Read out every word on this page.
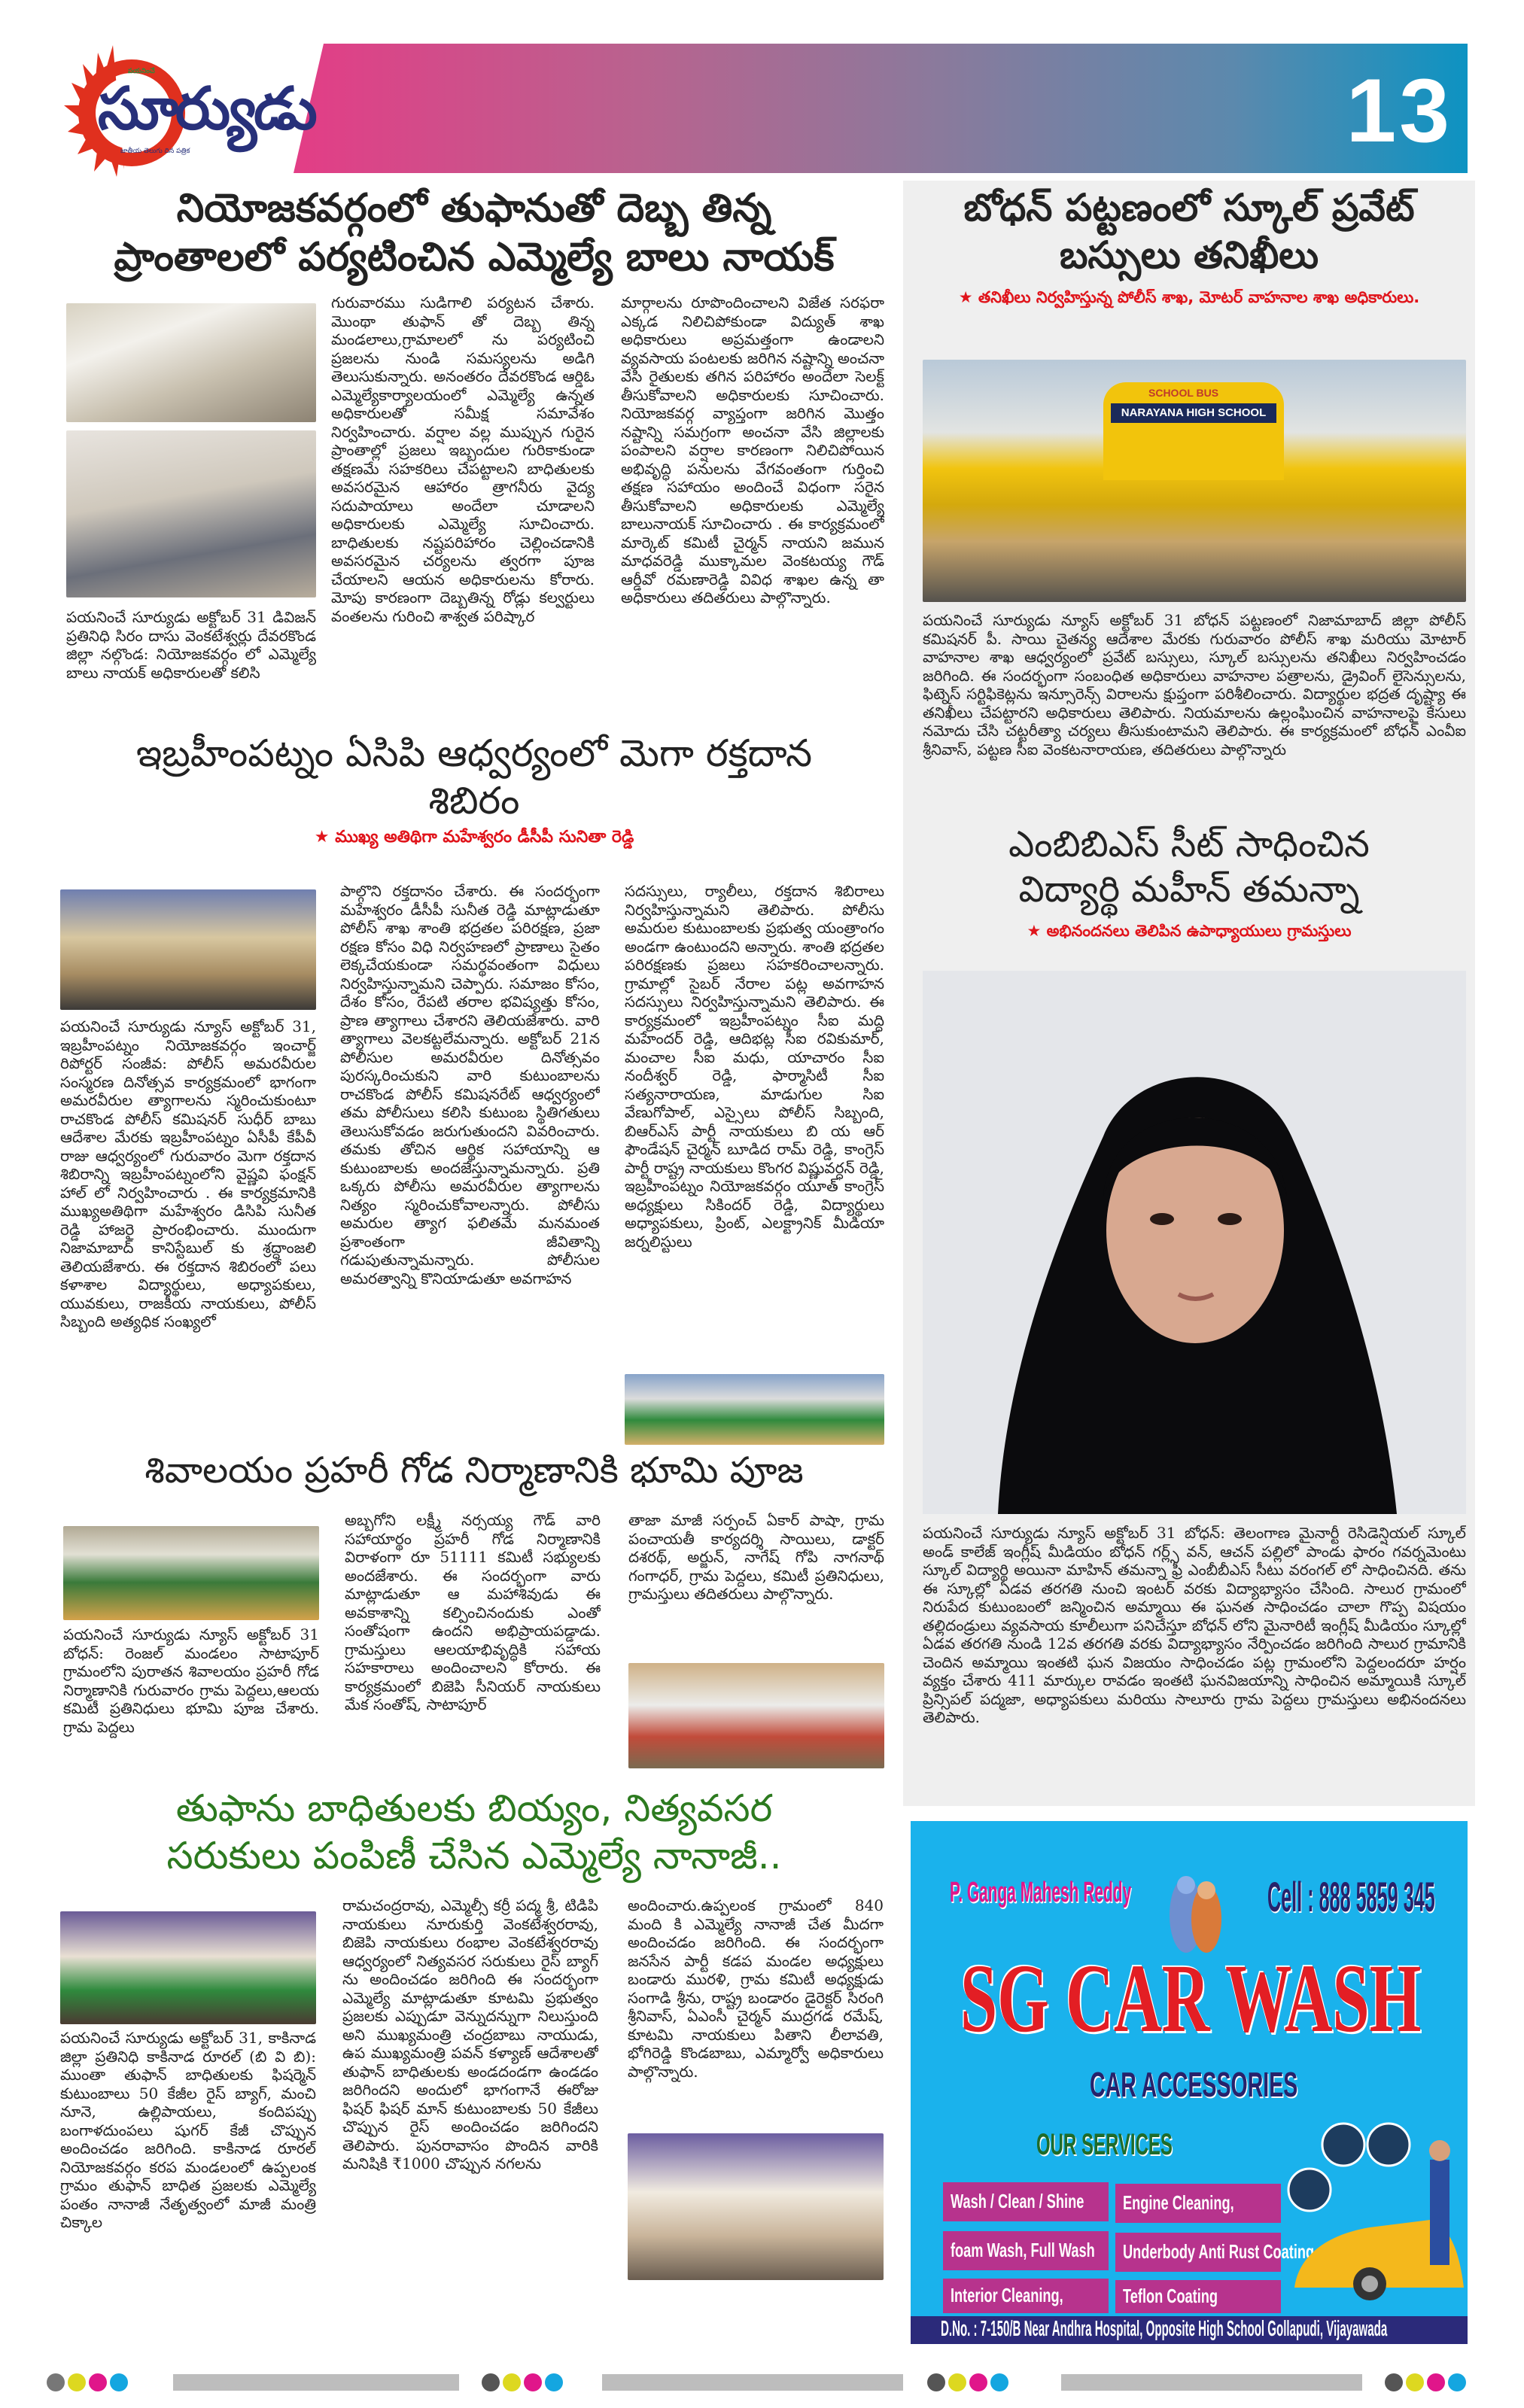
13
పయనించే
సూర్యుడు
జాతీయ తెలుగు దిన పత్రిక
నియోజకవర్గంలో తుఫానుతో దెబ్బ తిన్న
ప్రాంతాలలో పర్యటించిన ఎమ్మెల్యే బాలు నాయక్
పయనించే సూర్యుడు అక్టోబర్ 31 డివిజన్ ప్రతినిధి సిరం దాసు వెంకటేశ్వర్లు దేవరకొండ జిల్లా నల్గొండ: నియోజకవర్గం లో ఎమ్మెల్యే బాలు నాయక్ అధికారులతో కలిసి
గురువారము సుడిగాలి పర్యటన చేశారు. మొంథా తుఫాన్ తో దెబ్బ తిన్న మండలాలు,గ్రామాలలో ను పర్యటించి ప్రజలను నుండి సమస్యలను అడిగి తెలుసుకున్నారు. అనంతరం దేవరకొండ ఆర్డిఓ ఎమ్మెల్యేకార్యాలయంలో ఎమ్మెల్యే ఉన్నత అధికారులతో సమీక్ష సమావేశం నిర్వహించారు. వర్షాల వల్ల ముప్పున గురైన ప్రాంతాల్లో ప్రజలు ఇబ్బందుల గురికాకుండా తక్షణమే సహకరిలు చేపట్టాలని బాధితులకు అవసరమైన ఆహారం త్రాగనీరు వైద్య సదుపాయాలు అందేలా చూడాలని అధికారులకు ఎమ్మెల్యే సూచించారు. బాధితులకు నష్టపరిహారం చెల్లించడానికి అవసరమైన చర్యలను త్వరగా పూజ చేయాలని ఆయన అధికారులను కోరారు. మోపు కారణంగా దెబ్బతిన్న రోడ్లు కల్వర్టులు వంతలను గురించి శాశ్వత పరిష్కార
మార్గాలను రూపొందించాలని విజేత సరఫరా ఎక్కడ నిలిచిపోకుండా విద్యుత్ శాఖ అధికారులు అప్రమత్తంగా ఉండాలని వ్యవసాయ పంటలకు జరిగిన నష్టాన్ని అంచనా వేసి రైతులకు తగిన పరిహారం అందేలా సెలక్ట్ తీసుకోవాలని అధికారులకు సూచించారు. నియోజకవర్గ వ్యాప్తంగా జరిగిన మొత్తం నష్టాన్ని సమగ్రంగా అంచనా వేసి జిల్లాలకు పంపాలని వర్షాల కారణంగా నిలిచిపోయిన అభివృద్ధి పనులను వేగవంతంగా గుర్తించి తక్షణ సహాయం అందించే విధంగా సరైన తీసుకోవాలని అధికారులకు ఎమ్మెల్యే బాలునాయక్ సూచించారు . ఈ కార్యక్రమంలో మార్కెట్ కమిటీ చైర్మన్ నాయని జమున మాధవరెడ్డి ముక్కామల వెంకటయ్య గౌడ్ ఆర్డీవో రమణారెడ్డి వివిధ శాఖల ఉన్న తా అధికారులు తదితరులు పాల్గొన్నారు.
ఇబ్రహీంపట్నం ఏసిపి ఆధ్వర్యంలో మెగా రక్తదాన
శిబిరం
★ ముఖ్య అతిథిగా మహేశ్వరం డీసీపీ సునితా రెడ్డి
పయనించే సూర్యుడు న్యూస్ అక్టోబర్ 31, ఇబ్రహీంపట్నం నియోజకవర్గం ఇంచార్జ్ రిపోర్టర్ సంజీవ: పోలీస్ అమరవీరుల సంస్మరణ దినోత్సవ కార్యక్రమంలో భాగంగా అమరవీరుల త్యాగాలను స్మరించుకుంటూ రాచకొండ పోలీస్ కమిషనర్ సుధీర్ బాబు ఆదేశాల మేరకు ఇబ్రహీంపట్నం ఏసీపీ కేపీవీ రాజు ఆధ్వర్యంలో గురువారం మెగా రక్తదాన శిబిరాన్ని ఇబ్రహీంపట్నంలోని వైష్ణవి ఫంక్షన్ హాల్ లో నిర్వహించారు . ఈ కార్యక్రమానికి ముఖ్యఅతిథిగా మహేశ్వరం డిసిపి సునీత రెడ్డి హాజరై ప్రారంభించారు. ముందుగా నిజామాబాద్ కానిస్టేబుల్ కు శ్రద్ధాంజలి తెలియజేశారు. ఈ రక్తదాన శిబిరంలో పలు కళాశాల విద్యార్థులు, అధ్యాపకులు, యువకులు, రాజకీయ నాయకులు, పోలీస్ సిబ్బంది అత్యధిక సంఖ్యలో
పాల్గొని రక్తదానం చేశారు. ఈ సందర్భంగా మహేశ్వరం డీసీపీ సునీత రెడ్డి మాట్లాడుతూ పోలీస్ శాఖ శాంతి భద్రతల పరిరక్షణ, ప్రజా రక్షణ కోసం విధి నిర్వహణలో ప్రాణాలు సైతం లెక్కచేయకుండా సమర్థవంతంగా విధులు నిర్వహిస్తున్నామని చెప్పారు. సమాజం కోసం, దేశం కోసం, రేపటి తరాల భవిష్యత్తు కోసం, ప్రాణ త్యాగాలు చేశారని తెలియజేశారు. వారి త్యాగాలు వెలకట్టలేమన్నారు. అక్టోబర్ 21న పోలీసుల అమరవీరుల దినోత్సవం పురస్కరించుకుని వారి కుటుంబాలను రాచకొండ పోలీస్ కమిషనరేట్ ఆధ్వర్యంలో తమ పోలీసులు కలిసి కుటుంబ స్థితిగతులు తెలుసుకోవడం జరుగుతుందని వివరించారు. తమకు తోచిన ఆర్థిక సహాయాన్ని ఆ కుటుంబాలకు అందజేస్తున్నామన్నారు. ప్రతి ఒక్కరు పోలీసు అమరవీరుల త్యాగాలను నిత్యం స్మరించుకోవాలన్నారు. పోలీసు అమరుల త్యాగ ఫలితమే మనమంత ప్రశాంతంగా జీవితాన్ని గడుపుతున్నామన్నారు. పోలీసుల అమరత్వాన్ని కొనియాడుతూ అవగాహన
సదస్సులు, ర్యాలీలు, రక్తదాన శిబిరాలు నిర్వహిస్తున్నామని తెలిపారు. పోలీసు అమరుల కుటుంబాలకు ప్రభుత్వ యంత్రాంగం అండగా ఉంటుందని అన్నారు. శాంతి భద్రతల పరిరక్షణకు ప్రజలు సహకరించాలన్నారు. గ్రామాల్లో సైబర్ నేరాల పట్ల అవగాహన సదస్సులు నిర్వహిస్తున్నామని తెలిపారు. ఈ కార్యక్రమంలో ఇబ్రహీంపట్నం సీఐ మద్ది మహేందర్ రెడ్డి, ఆదిభట్ల సీఐ రవికుమార్, మంచాల సీఐ మధు, యాచారం సీఐ నందీశ్వర్ రెడ్డి, ఫార్మాసిటీ సీఐ సత్యనారాయణ, మాడుగుల సిఐ వేణుగోపాల్, ఎస్సైలు పోలీస్ సిబ్బంది, బిఆర్ఎస్ పార్టీ నాయకులు బి య ఆర్ ఫౌండేషన్ చైర్మన్ బూడిద రామ్ రెడ్డి, కాంగ్రెస్ పార్టీ రాష్ట్ర నాయకులు కొంగర విష్ణువర్ధన్ రెడ్డి, ఇబ్రహీంపట్నం నియోజకవర్గం యూత్ కాంగ్రెస్ అధ్యక్షులు సికిందర్ రెడ్డి, విద్యార్థులు అధ్యాపకులు, ప్రింట్, ఎలక్ట్రానిక్ మీడియా జర్నలిస్టులు
శివాలయం ప్రహరీ గోడ నిర్మాణానికి భూమి పూజ
పయనించే సూర్యుడు న్యూస్ అక్టోబర్ 31 బోధన్: రెంజల్ మండలం సాటాపూర్ గ్రామంలోని పురాతన శివాలయం ప్రహరీ గోడ నిర్మాణానికి గురువారం గ్రామ పెద్దలు,ఆలయ కమిటీ ప్రతినిధులు భూమి పూజ చేశారు. గ్రామ పెద్దలు
అబ్బగోని లక్ష్మీ నర్సయ్య గౌడ్ వారి సహాయార్థం ప్రహరీ గోడ నిర్మాణానికి విరాళంగా రూ 51111 కమిటీ సభ్యులకు అందజేశారు. ఈ సందర్భంగా వారు మాట్లాడుతూ ఆ మహాశివుడు ఈ అవకాశాన్ని కల్పించినందుకు ఎంతో సంతోషంగా ఉందని అభిప్రాయపడ్డాడు. గ్రామస్తులు ఆలయాభివృద్ధికి సహాయ సహకారాలు అందించాలని కోరారు. ఈ కార్యక్రమంలో బిజెపి సీనియర్ నాయకులు మేక సంతోష్, సాటాపూర్
తాజా మాజీ సర్పంచ్ ఏకార్ పాషా, గ్రామ పంచాయతీ కార్యదర్శి సాయిలు, డాక్టర్ దశరథ్, అర్జున్, నాగేష్ గోపి నాగనాథ్ గంగాధర్, గ్రామ పెద్దలు, కమిటీ ప్రతినిధులు, గ్రామస్తులు తదితరులు పాల్గొన్నారు.
తుఫాను బాధితులకు బియ్యం, నిత్యవసర
సరుకులు పంపిణీ చేసిన ఎమ్మెల్యే నానాజీ..
పయనించే సూర్యుడు అక్టోబర్ 31, కాకినాడ జిల్లా ప్రతినిధి కాకినాడ రూరల్ (బి వి బి): ముంతా తుఫాన్ బాధితులకు ఫిషర్మెన్ కుటుంబాలు 50 కేజీల రైస్ బ్యాగ్, మంచి నూనె, ఉల్లిపాయలు, కందిపప్పు బంగాళదుంపలు షుగర్ కేజీ చొప్పున అందించడం జరిగింది. కాకినాడ రూరల్ నియోజకవర్గం కరప మండలంలో ఉప్పలంక గ్రామం తుఫాన్ బాధిత ప్రజలకు ఎమ్మెల్యే పంతం నానాజీ నేతృత్వంలో మాజీ మంత్రి చిక్కాల
రామచంద్రరావు, ఎమ్మెల్సీ కర్రీ పద్మ శ్రీ, టిడిపి నాయకులు నూరుకుర్తి వెంకటేశ్వరరావు, బిజెపి నాయకులు రంభాల వెంకటేశ్వరరావు ఆధ్వర్యంలో నిత్యవసర సరుకులు రైస్ బ్యాగ్ ను అందించడం జరిగింది ఈ సందర్భంగా ఎమ్మెల్యే మాట్లాడుతూ కూటమి ప్రభుత్వం ప్రజలకు ఎప్పుడూ వెన్నుదన్నుగా నిలుస్తుంది అని ముఖ్యమంత్రి చంద్రబాబు నాయుడు, ఉప ముఖ్యమంత్రి పవన్ కళ్యాణ్ ఆదేశాలతో తుఫాన్ బాధితులకు అండదండగా ఉండడం జరిగిందని అందులో భాగంగానే ఈరోజు ఫిషర్ ఫిషర్ మాన్ కుటుంబాలకు 50 కేజీలు చొప్పున రైస్ అందించడం జరిగిందని తెలిపారు. పునరావాసం పొందిన వారికి మనిషికి ₹1000 చొప్పున నగలను
అందించారు.ఉప్పలంక గ్రామంలో 840 మంది కి ఎమ్మెల్యే నానాజీ చేత మీదగా అందించడం జరిగింది. ఈ సందర్భంగా జనసేన పార్టీ కడప మండల అధ్యక్షులు బండారు మురళి, గ్రామ కమిటీ అధ్యక్షుడు సంగాడి శ్రీను, రాష్ట్ర బండారం డైరెక్టర్ సిరంగి శ్రీనివాస్, ఏఎంసీ చైర్మన్ ముద్రగడ రమేష్, కూటమి నాయకులు పితాని లీలావతి, భోగిరెడ్డి కొండబాబు, ఎమ్మార్వో అధికారులు పాల్గొన్నారు.
బోధన్ పట్టణంలో స్కూల్ ప్రవేట్
బస్సులు తనిఖీలు
★ తనిఖీలు నిర్వహిస్తున్న పోలీస్ శాఖ, మోటర్ వాహనాల శాఖ అధికారులు.
SCHOOL BUS
NARAYANA HIGH SCHOOL
పయనించే సూర్యుడు న్యూస్ అక్టోబర్ 31 బోధన్ పట్టణంలో నిజామాబాద్ జిల్లా పోలీస్ కమిషనర్ పీ. సాయి చైతన్య ఆదేశాల మేరకు గురువారం పోలీస్ శాఖ మరియు మోటార్ వాహనాల శాఖ ఆధ్వర్యంలో ప్రవేట్ బస్సులు, స్కూల్ బస్సులను తనిఖీలు నిర్వహించడం జరిగింది. ఈ సందర్భంగా సంబంధిత అధికారులు వాహనాల పత్రాలను, డ్రైవింగ్ లైసెన్సులను, ఫిట్నెస్ సర్టిఫికెట్లను ఇన్సూరెన్స్ విరాలను క్షుప్తంగా పరిశీలించారు. విద్యార్థుల భద్రత దృష్ట్యా ఈ తనిఖీలు చేపట్టారని అధికారులు తెలిపారు. నియమాలను ఉల్లంఘించిన వాహనాలపై కేసులు నమోదు చేసి చట్టరీత్యా చర్యలు తీసుకుంటామని తెలిపారు. ఈ కార్యక్రమంలో బోధన్ ఎంవీఐ శ్రీనివాస్, పట్టణ సీఐ వెంకటనారాయణ, తదితరులు పాల్గొన్నారు
ఎంబిబిఎస్ సీట్ సాధించిన
విద్యార్థి మహీన్ తమన్నా
★ అభినందనలు తెలిపిన ఉపాధ్యాయులు గ్రామస్తులు
పయనించే సూర్యుడు న్యూస్ అక్టోబర్ 31 బోధన్: తెలంగాణ మైనార్టీ రెసిడెన్షియల్ స్కూల్ అండ్ కాలేజ్ ఇంగ్లీష్ మీడియం బోధన్ గర్ల్స్ వన్, ఆచన్ పల్లిలో పాండు ఫారం గవర్నమెంటు స్కూల్ విద్యార్థి అయినా మాహిన్ తమన్నా ఫ్రీ ఎంబీబీఎస్ సీటు వరంగల్ లో సాధించినది. తను ఈ స్కూల్లో ఏడవ తరగతి నుంచి ఇంటర్ వరకు విద్యాభ్యాసం చేసింది. సాలుర గ్రామంలో నిరుపేద కుటుంబంలో జన్మించిన అమ్మాయి ఈ ఘనత సాధించడం చాలా గొప్ప విషయం తల్లిదండ్రులు వ్యవసాయ కూలీలుగా పనిచేస్తూ బోధన్ లోని మైనారిటీ ఇంగ్లీష్ మీడియం స్కూల్లో ఏడవ తరగతి నుండి 12వ తరగతి వరకు విద్యాభ్యాసం నేర్పించడం జరిగింది సాలుర గ్రామానికి చెందిన అమ్మాయి ఇంతటి ఘన విజయం సాధించడం పట్ల గ్రామంలోని పెద్దలందరూ హర్షం వ్యక్తం చేశారు 411 మార్కుల రావడం ఇంతటి ఘనవిజయాన్ని సాధించిన అమ్మాయికి స్కూల్ ప్రిన్సిపల్ పద్మజా, అధ్యాపకులు మరియు సాలూరు గ్రామ పెద్దలు గ్రామస్తులు అభినందనలు తెలిపారు.
P. Ganga Mahesh Reddy	Cell : 888 5859 345
SG CAR WASH
CAR ACCESSORIES
OUR SERVICES
Wash / Clean / Shine Engine Cleaning,
foam Wash, Full Wash Underbody Anti Rust Coating
Interior Cleaning,	Teflon Coating
D.No. : 7-150/B Near Andhra Hospital, Opposite High School Gollapudi, Vijayawada
